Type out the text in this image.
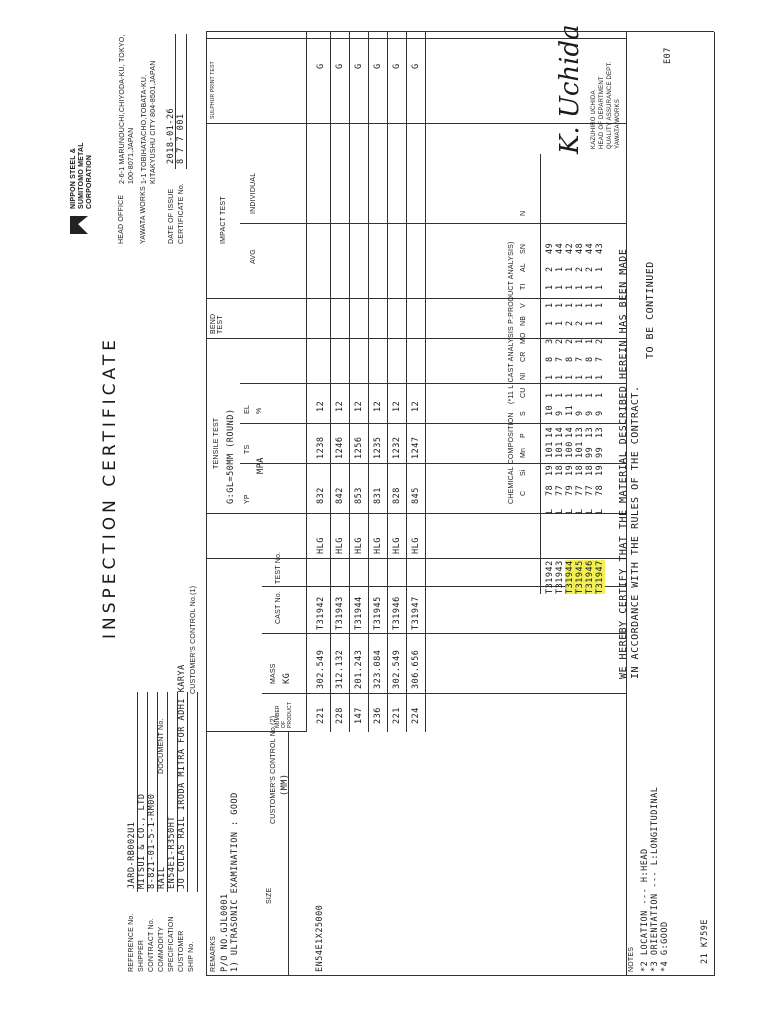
INSPECTION CERTIFICATE
NIPPON STEEL & SUMITOMO METAL CORPORATION
HEAD OFFICE
2-6-1 MARUNOUCHI,CHIYODA-KU, TOKYO, 100-8071,JAPAN
YAWATA WORKS
1-1 TOBIHATACHO,TOBATA-KU, KITAKYUSHU CITY 804-8501,JAPAN
DATE OF ISSUE
2018-01-26
CERTIFICATE No.
8 7 7 001
REFERENCE No.
JARD-RB002U1
SHIPPER
MITSUI & CO., LTD
CONTRACT No.
8-821-01-5-1-RM00
COMMODITY
RAIL
SPECIFICATION
EN54E1-R350HT
CUSTOMER
JO COLAS RAIL IRODA MITRA FOR ADHI KARYA
SHIP No.
DOCUMENT No.
CUSTOMER'S CONTROL No.(1)
REMARKS P/O NO.GJL0001 1) ULTRASONIC EXAMINATION : GOOD	SIZE
CUSTOMER'S CONTROL No.(2) (MM)
NUMBER OF PRODUCT
MASS KG
CAST No.
TEST No.
TENSILE TEST G:GL=50MM (ROUND) YP
TS
EL
MPA
%
BEND TEST
IMPACT TEST
AVG
INDIVIDUAL
SULPHUR PRINT TEST
EN54E1X25000
221
302.549
T31942
HLG
832
1238
12
G
228
312.132
T31943
HLG
842
1246
12
G
147
201.243
T31944
HLG
853
1256
12
G
236
323.084
T31945
HLG
831
1235
12
G
221
302.549
T31946
HLG
828
1232
12
G
224
306.656
T31947
HLG
845
1247
12
G
NOTES *2 LOCATION --- H:HEAD *3 ORIENTATION --- L:LONGITUDINAL *4 G:GOOD
WE HEREBY CERTIFY THAT THE MATERIAL DESCRIBED HEREIN HAS BEEN MADE IN ACCORDANCE WITH THE RULES OF THE CONTRACT.
CHEMICAL COMPOSITION
(*11 L:CAST ANALYSIS P:PRODUCT ANALYSIS)
C
Si
Mn
P
S
CU
NI
CR
MO
NB
V
TI
AL
SN
N
T31942
L
78
19
101
14
10
1
1
8
3
1
1
1
2
49
T31943
L
77
18
101
14
9
1
1
7
2
1
1
1
1
44
T31944
L
79
19
100
14
11
1
1
8
2
2
1
1
1
42
T31945
L
77
18
101
13
9
1
1
7
1
2
1
1
2
48
T31946
L
77
18
99
13
9
1
1
8
1
1
1
1
2
44
T31947
L
78
19
99
13
9
1
1
7
2
1
1
1
1
43
K. Uchida KAZUHIRO UCHIDA HEAD OF DEPARTMENT QUALITY ASSURANCE DEPT. YAWATA WORKS
TO BE CONTINUED
21 K759E
E07
